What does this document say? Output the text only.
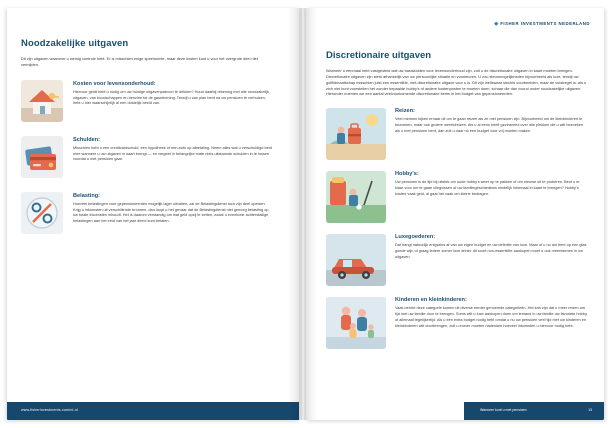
Noodzakelijke uitgaven
Dit zijn uitgaven waarover u weinig controle hebt. Er is misschien enige speelruimte, maar deze kosten kunt u voor het overgrote deel niet vermijden.
Kosten voor levensonderhoud:
Hiervoor geldt hebt u nodig om uw huidige uitgavenpatroon te dekken? Houd daarbij rekening met alle noodzakelijk uitgaven, van boodschappen en benzine tot de gasrekening. Terwijl u van plan bent na uw pensioen te verhuizen, hebt u hier waarschijnlijk al een duidelijk beeld van.
Schulden:
Misschien hebt u een creditcardschuld, een hypotheek of een auto op afbetaling. Neem alles wat u verschuldigd bent mee wanneer u uw uitgaven in kaart brengt — en vergeet in belangrijke mate niets uitstaande schulden in te lossen voordat u met pensioen gaat.
Belasting:
Hoeveel belastingen voor gepensioneerden mogelijk lager uitvallen, zal de Belastingdienst toch zijn deel opeisen. Krijg u inkomsten uit verschillende bronnen, dan loopt u het gevaar dat de Belastingdienst niet genoeg belasting op uw totale inkomsten inhoudt. Het is daarom verstandig om wat geld opzij te zetten, zodat u eventuele achterstallige belastingen aan het eind van het jaar direct kunt betalen.
www.fisherinvestments.com/nl-nl
◆ FISHER INVESTMENTS NEDERLAND
Discretionaire uitgaven
Wanneer u eenmaal hebt vastgesteld wat uw basiskosten voor levensonderhoud zijn, zult u de discretionaire uitgaven in kaart moeten brengen. Discretionaire uitgaven zijn sterk afhankelijk van uw persoonlijke situatie en voorkeuren. U zou steunmogelijkheden bijvoorbeeld als luxe, terwijl uw golflidmaatschap misschien juist een essentiële, niet-discretionaire uitgave voor u is. Dit zijn weliswaar slechts voorbeelden, maar de vuistregel is: als u zich niet kunt voorstellen het zonder bepaalde hobby's of andere kostenposten te moeten doen, schaar die dan voorul onder noodzakelijke uitgaven. Hieronder noemen we een aantal veelvoorkomende discretionaire items in het budget van gepensioneerden:
Reizen:
Veel mensen kijken ernaar uit om te gaan reizen als ze met pensioen zijn. Bijvoorbeeld om de kleinkinderen te bezoeken, maar ook grotere wereldreizen. Als u al eens heeft gezinsreed over alle plekken die u wilt bezoeken als u met pensioen bent, dan zult u daar nú een budget voor vrij moeten maken.
Hobby's:
Uw pensioen is de tijd bij uitstek om oude hobby's weer op te pakken of om nieuwe uit te proberen. Bent u er klaar voor om te gaan vliegvissen of uw familiegeschiedenis eindelijk helemaal in kaart te brengen? Hobby's kosten vaak geld, al gaat het vaak om kleine bedragen.
Luxegoederen:
Dat hangt natuurlijk enigszins af van uw eigen budget en uw definitie van luxe. Maar of u nu dol bent op een glas goede wijn of graag iedere zomer luxe drinkt: dit soort non-essentiële aankopen moet u ook meerekenen in uw uitgaven.
Kinderen en kleinkinderen:
Vaak behört deze categorie komen uit diverse eerder genoemde categorieën. Het kan zijn dat u meer reizen om tijd met uw familie door te brengen. Soms wilt u luxe aankopen doen om iemand in uw familie uw favoriete hobby, of allemaal tegelijkertijd. Als u één extra budget nodig hebt omdat u nu uw pensioen veel tijd met uw kinderen en kleinkinderen wilt doorbrengen, zult u erover moeten nadenken hoeveel inkomsten u hiervoor nodig hebt.
Wanneer kunt u met pensioen	13
